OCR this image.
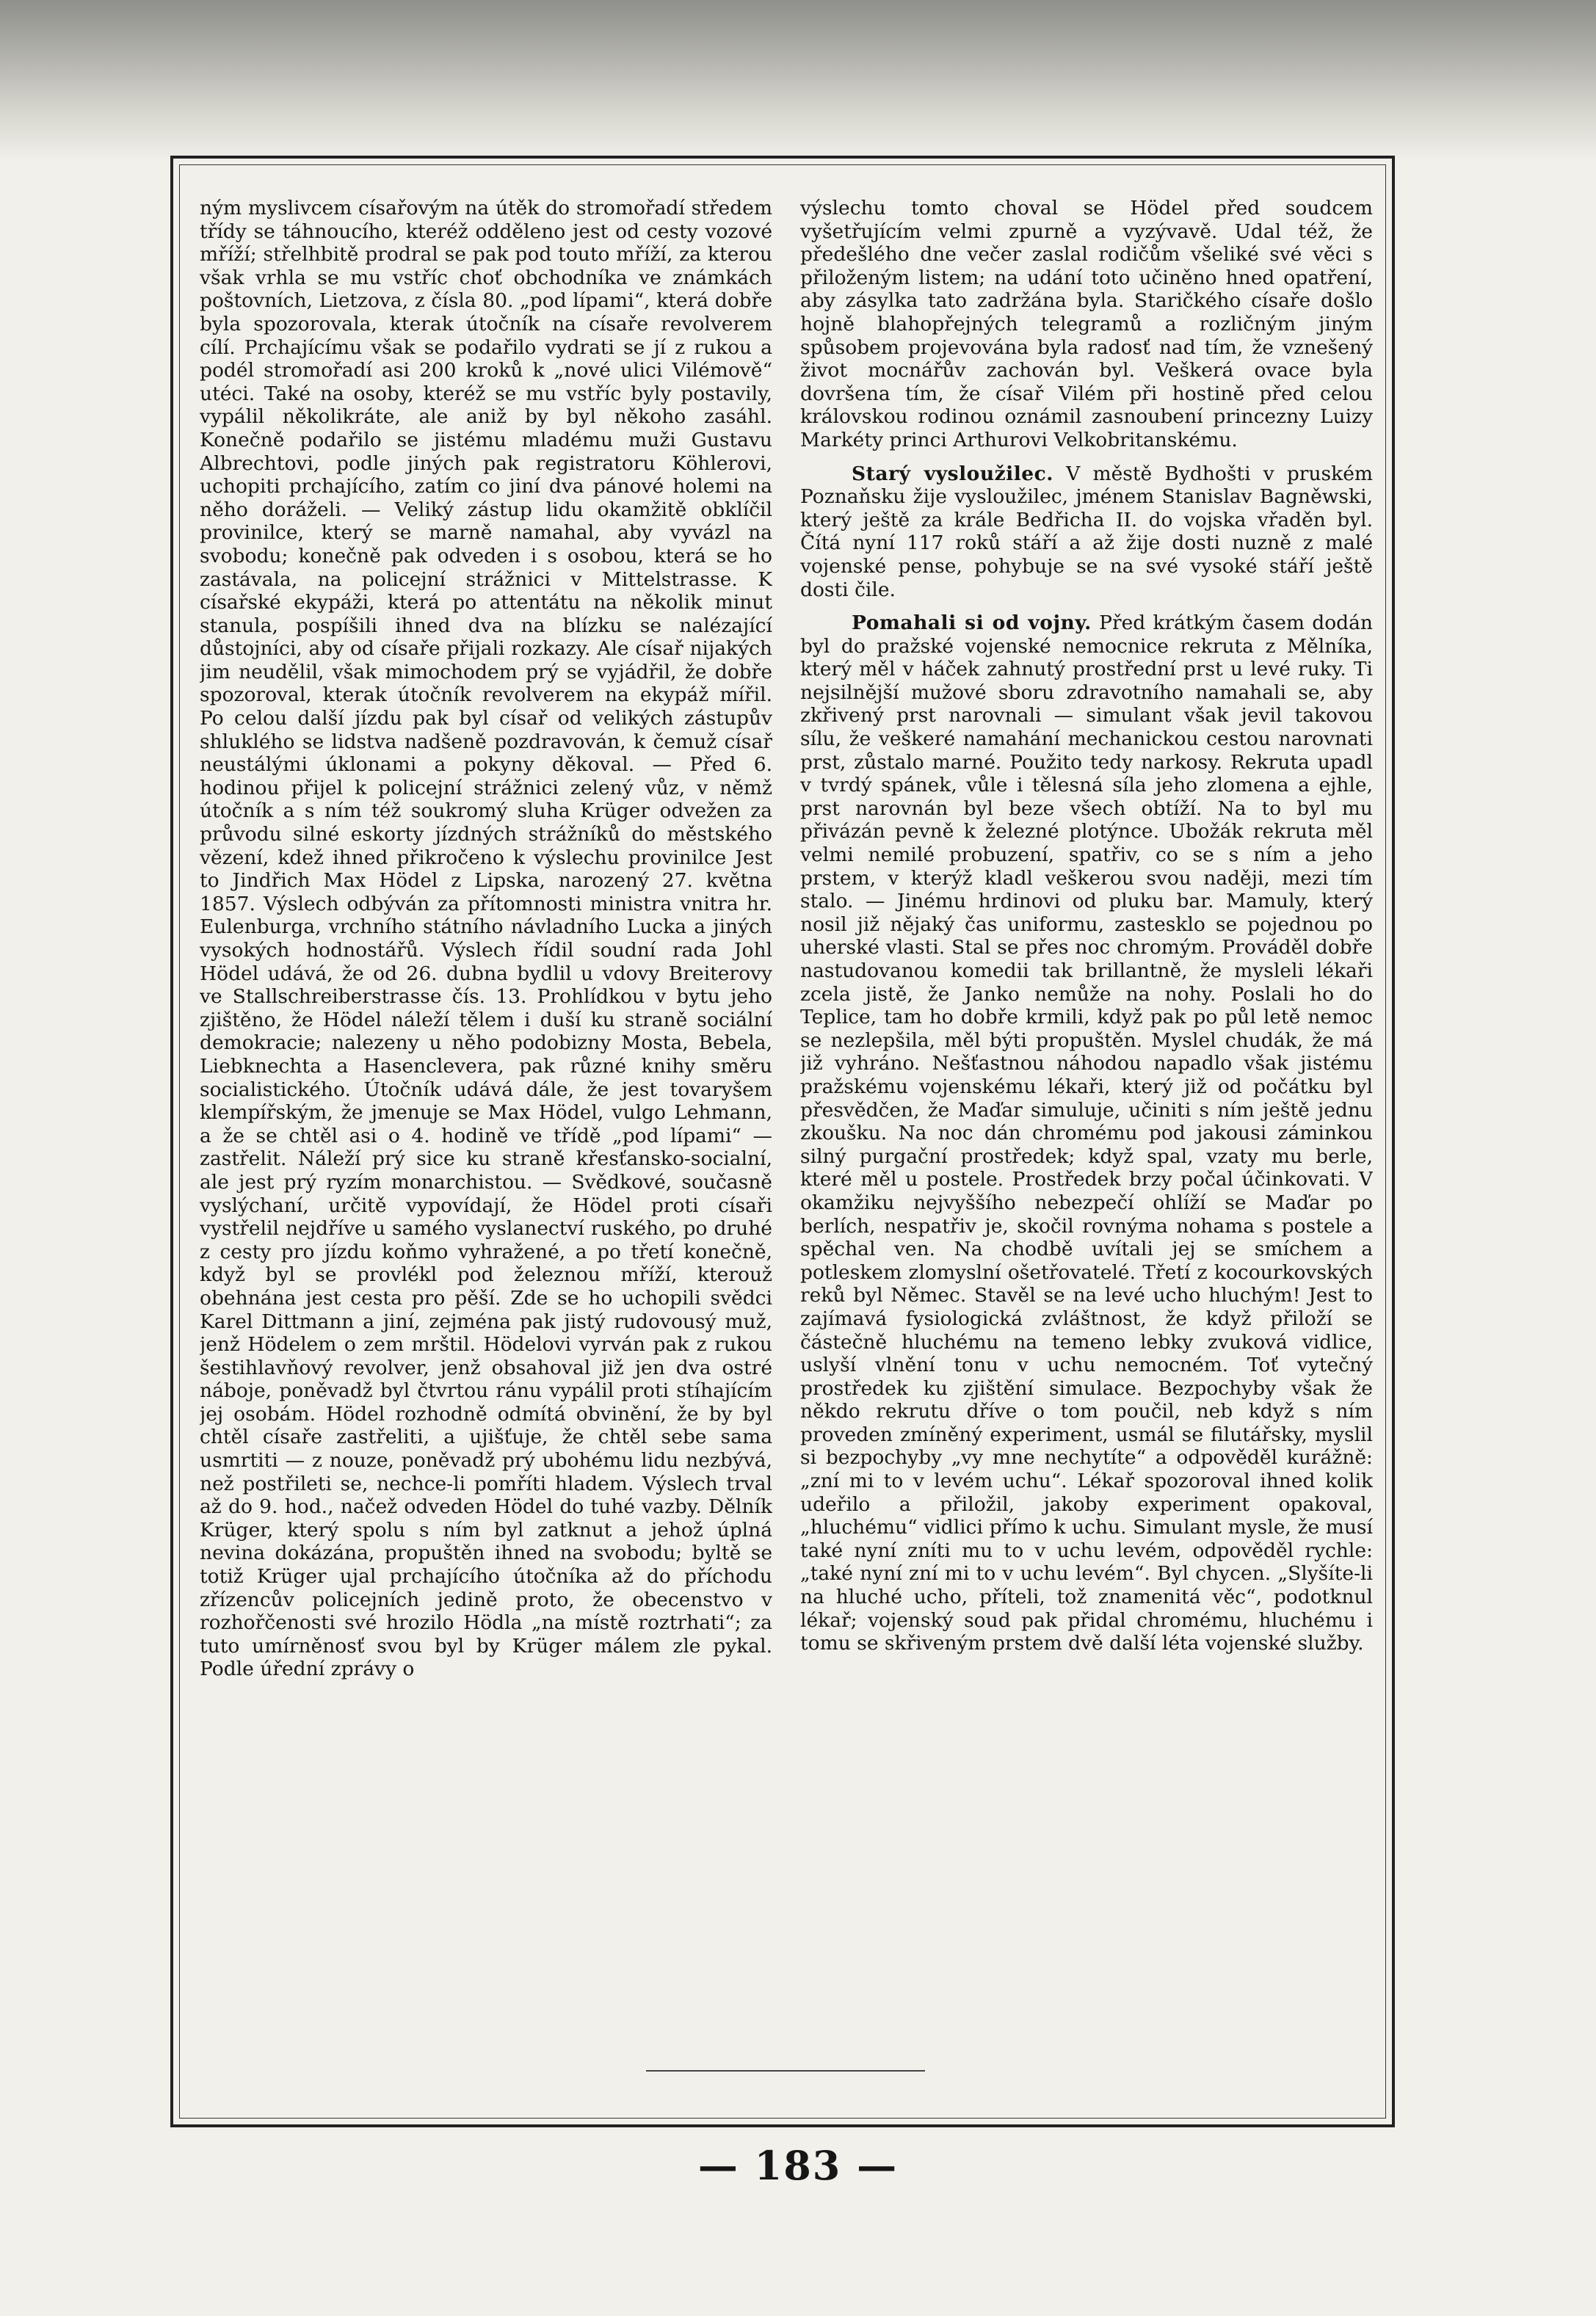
ným myslivcem císařovým na útěk do stromořadí středem třídy se táhnoucího, kteréž odděleno jest od cesty vozové mříží; střelhbitě prodral se pak pod touto mříží, za kterou však vrhla se mu vstříc choť obchodníka ve známkách poštovních, Lietzova, z čísla 80. „pod lípami“, která dobře byla spozorovala, kterak útočník na císaře revolverem cílí. Prchajícímu však se podařilo vydrati se jí z rukou a podél stromořadí asi 200 kroků k „nové ulici Vilémově“ utéci. Také na osoby, kteréž se mu vstříc byly postavily, vypálil několikráte, ale aniž by byl někoho zasáhl. Konečně podařilo se jistému mladému muži Gustavu Albrechtovi, podle jiných pak registratoru Köhlerovi, uchopiti prchajícího, zatím co jiní dva pánové holemi na něho doráželi. — Veliký zástup lidu okamžitě obklíčil provinilce, který se marně namahal, aby vyvázl na svobodu; konečně pak odveden i s osobou, která se ho zastávala, na policejní strážnici v Mittelstrasse. K císařské ekypáži, která po attentátu na několik minut stanula, pospíšili ihned dva na blízku se nalézající důstojníci, aby od císaře přijali rozkazy. Ale císař nijakých jim neudělil, však mimochodem prý se vyjádřil, že dobře spozoroval, kterak útočník revolverem na ekypáž mířil. Po celou další jízdu pak byl císař od velikých zástupův shluklého se lidstva nadšeně pozdravován, k čemuž císař neustálými úklonami a pokyny děkoval. — Před 6. hodinou přijel k policejní strážnici zelený vůz, v němž útočník a s ním též soukromý sluha Krüger odvežen za průvodu silné eskorty jízdných strážníků do městského vězení, kdež ihned přikročeno k výslechu provinilce Jest to Jindřich Max Hödel z Lipska, narozený 27. května 1857. Výslech odbýván za přítomnosti ministra vnitra hr. Eulenburga, vrchního státního návladního Lucka a jiných vysokých hodnostářů. Výslech řídil soudní rada Johl Hödel udává, že od 26. dubna bydlil u vdovy Breiterovy ve Stallschreiberstrasse čís. 13. Prohlídkou v bytu jeho zjištěno, že Hödel náleží tělem i duší ku straně sociální demokracie; nalezeny u něho podobizny Mosta, Bebela, Liebknechta a Hasenclevera, pak různé knihy směru socialistického. Útočník udává dále, že jest tovaryšem klempířským, že jmenuje se Max Hödel, vulgo Lehmann, a že se chtěl asi o 4. hodině ve třídě „pod lípami“ — zastřelit. Náleží prý sice ku straně křesťansko-socialní, ale jest prý ryzím monarchistou. — Svědkové, současně vyslýchaní, určitě vypovídají, že Hödel proti císaři vystřelil nejdříve u samého vyslanectví ruského, po druhé z cesty pro jízdu koňmo vyhražené, a po třetí konečně, když byl se provlékl pod železnou mříží, kterouž obehnána jest cesta pro pěší. Zde se ho uchopili svědci Karel Dittmann a jiní, zejména pak jistý rudovousý muž, jenž Hödelem o zem mrštil. Hödelovi vyrván pak z rukou šestihlavňový revolver, jenž obsahoval již jen dva ostré náboje, poněvadž byl čtvrtou ránu vypálil proti stíhajícím jej osobám. Hödel rozhodně odmítá obvinění, že by byl chtěl císaře zastřeliti, a ujišťuje, že chtěl sebe sama usmrtiti — z nouze, poněvadž prý ubohému lidu nezbývá, než postřileti se, nechce-li pomříti hladem. Výslech trval až do 9. hod., načež odveden Hödel do tuhé vazby. Dělník Krüger, který spolu s ním byl zatknut a jehož úplná nevina dokázána, propuštěn ihned na svobodu; byltě se totiž Krüger ujal prchajícího útočníka až do příchodu zřízencův policejních jedině proto, že obecenstvo v rozhořčenosti své hrozilo Hödla „na místě roztrhati“; za tuto umírněnosť svou byl by Krüger málem zle pykal. Podle úřední zprávy o

výslechu tomto choval se Hödel před soudcem vyšetřujícím velmi zpurně a vyzývavě. Udal též, že předešlého dne večer zaslal rodičům všeliké své věci s přiloženým listem; na udání toto učiněno hned opatření, aby zásylka tato zadržána byla. Staričkého císaře došlo hojně blahopřejných telegramů a rozličným jiným spůsobem projevována byla radosť nad tím, že vznešený život mocnářův zachován byl. Veškerá ovace byla dovršena tím, že císař Vilém při hostině před celou královskou rodinou oznámil zasnoubení princezny Luizy Markéty princi Arthurovi Velkobritanskému.

Starý vysloužilec. V městě Bydhošti v pruském Poznaňsku žije vysloužilec, jménem Stanislav Bagněwski, který ještě za krále Bedřicha II. do vojska vřaděn byl. Čítá nyní 117 roků stáří a až žije dosti nuzně z malé vojenské pense, pohybuje se na své vysoké stáří ještě dosti čile.

Pomahali si od vojny. Před krátkým časem dodán byl do pražské vojenské nemocnice rekruta z Mělníka, který měl v háček zahnutý prostřední prst u levé ruky. Ti nejsilnější mužové sboru zdravotního namahali se, aby zkřivený prst narovnali — simulant však jevil takovou sílu, že veškeré namahání mechanickou cestou narovnati prst, zůstalo marné. Použito tedy narkosy. Rekruta upadl v tvrdý spánek, vůle i tělesná síla jeho zlomena a ejhle, prst narovnán byl beze všech obtíží. Na to byl mu přivázán pevně k železné plotýnce. Ubožák rekruta měl velmi nemilé probuzení, spatřiv, co se s ním a jeho prstem, v kterýž kladl veškerou svou naději, mezi tím stalo. — Jinému hrdinovi od pluku bar. Mamuly, který nosil již nějaký čas uniformu, zastesklo se pojednou po uherské vlasti. Stal se přes noc chromým. Prováděl dobře nastudovanou komedii tak brillantně, že mysleli lékaři zcela jistě, že Janko nemůže na nohy. Poslali ho do Teplice, tam ho dobře krmili, když pak po půl letě nemoc se nezlepšila, měl býti propuštěn. Myslel chudák, že má již vyhráno. Nešťastnou náhodou napadlo však jistému pražskému vojenskému lékaři, který již od počátku byl přesvědčen, že Maďar simuluje, učiniti s ním ještě jednu zkoušku. Na noc dán chromému pod jakousi záminkou silný purgační prostředek; když spal, vzaty mu berle, které měl u postele. Prostředek brzy počal účinkovati. V okamžiku nejvyššího nebezpečí ohlíží se Maďar po berlích, nespatřiv je, skočil rovnýma nohama s postele a spěchal ven. Na chodbě uvítali jej se smíchem a potleskem zlomyslní ošetřovatelé. Třetí z kocourkovských reků byl Němec. Stavěl se na levé ucho hluchým! Jest to zajímavá fysiologická zvláštnost, že když přiloží se částečně hluchému na temeno lebky zvuková vidlice, uslyší vlnění tonu v uchu nemocném. Toť vytečný prostředek ku zjištění simulace. Bezpochyby však že někdo rekrutu dříve o tom poučil, neb když s ním proveden zmíněný experiment, usmál se filutářsky, myslil si bezpochyby „vy mne nechytíte“ a odpověděl kurážně: „zní mi to v levém uchu“. Lékař spozoroval ihned kolik udeřilo a přiložil, jakoby experiment opakoval, „hluchému“ vidlici přímo k uchu. Simulant mysle, že musí také nyní zníti mu to v uchu levém, odpověděl rychle: „také nyní zní mi to v uchu levém“. Byl chycen. „Slyšíte-li na hluché ucho, příteli, tož znamenitá věc“, podotknul lékař; vojenský soud pak přidal chromému, hluchému i tomu se skřiveným prstem dvě další léta vojenské služby.

— 183 —
